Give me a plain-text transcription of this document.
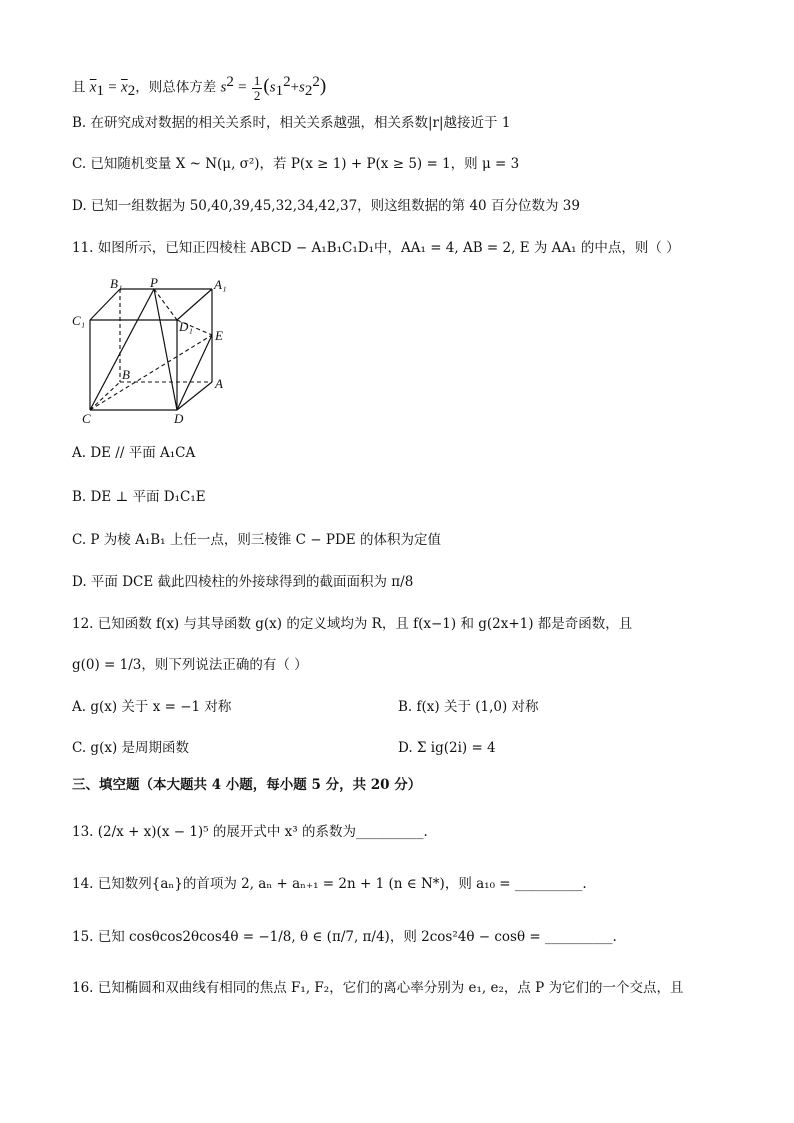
且 $\overline{x}_1 = \overline{x}_2$，则总体方差 $s^2 = \frac{1}{2} (s_1^2+s_2^2)$
B. 在研究成对数据的相关关系时，相关关系越强，相关系数|r|越接近于 1
C. 已知随机变量 X ~ N(μ, σ²)，若 P(x ≥ 1) + P(x ≥ 5) = 1，则 μ = 3
D. 已知一组数据为 50,40,39,45,32,34,42,37，则这组数据的第 40 百分位数为 39
11. 如图所示，已知正四棱柱 ABCD − A₁B₁C₁D₁中，AA₁ = 4, AB = 2, E 为 AA₁ 的中点，则（ ）
B₁ P	A₁
C₁	D₁
E
B
A
C	D
A. DE // 平面 A₁CA
B. DE ⊥ 平面 D₁C₁E
C. P 为棱 A₁B₁ 上任一点，则三棱锥 C − PDE 的体积为定值
D. 平面 DCE 截此四棱柱的外接球得到的截面面积为 π/8
12. 已知函数 f(x) 与其导函数 g(x) 的定义域均为 R，且 f(x−1) 和 g(2x+1) 都是奇函数，且
g(0) = 1/3，则下列说法正确的有（ ）
A. g(x) 关于 x = −1 对称	B. f(x) 关于 (1,0) 对称
C. g(x) 是周期函数	D. Σ ig(2i) = 4
三、填空题（本大题共 4 小题，每小题 5 分，共 20 分）
13. (2/x + x)(x − 1)⁵ 的展开式中 x³ 的系数为__________.
14. 已知数列{aₙ}的首项为 2, aₙ + aₙ₊₁ = 2n + 1 (n ∈ N*)，则 a₁₀ = __________.
15. 已知 cosθcos2θcos4θ = −1/8, θ ∈ (π/7, π/4)，则 2cos²4θ − cosθ = __________.
16. 已知椭圆和双曲线有相同的焦点 F₁, F₂，它们的离心率分别为 e₁, e₂，点 P 为它们的一个交点，且
